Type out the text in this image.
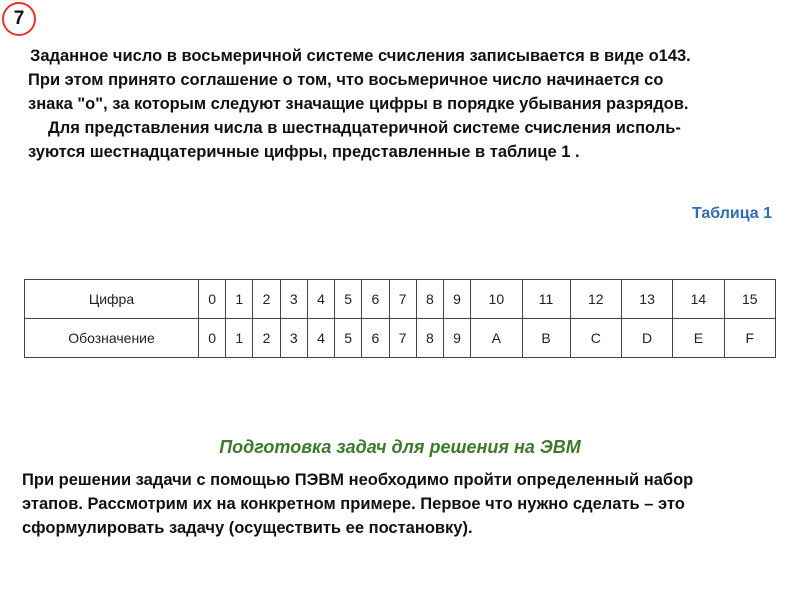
7
Заданное число в восьмеричной системе счисления записывается в виде о143.
При этом принято соглашение о том, что восьмеричное число начинается со
знака "о", за которым следуют значащие цифры в порядке убывания разрядов.
Для представления числа в шестнадцатеричной системе счисления исполь-
зуются шестнадцатеричные цифры, представленные в таблице 1 .
Таблица 1
Цифра	0	1	2	3	4	5	6	7	8	9	10	11	12	13	14	15
Обозначение	0	1	2	3	4	5	6	7	8	9	A	B	C	D	E	F
Подготовка задач для решения на ЭВМ
При решении задачи с помощью ПЭВМ необходимо пройти определенный набор
этапов. Рассмотрим их на конкретном примере. Первое что нужно сделать – это
сформулировать задачу (осуществить ее постановку).
